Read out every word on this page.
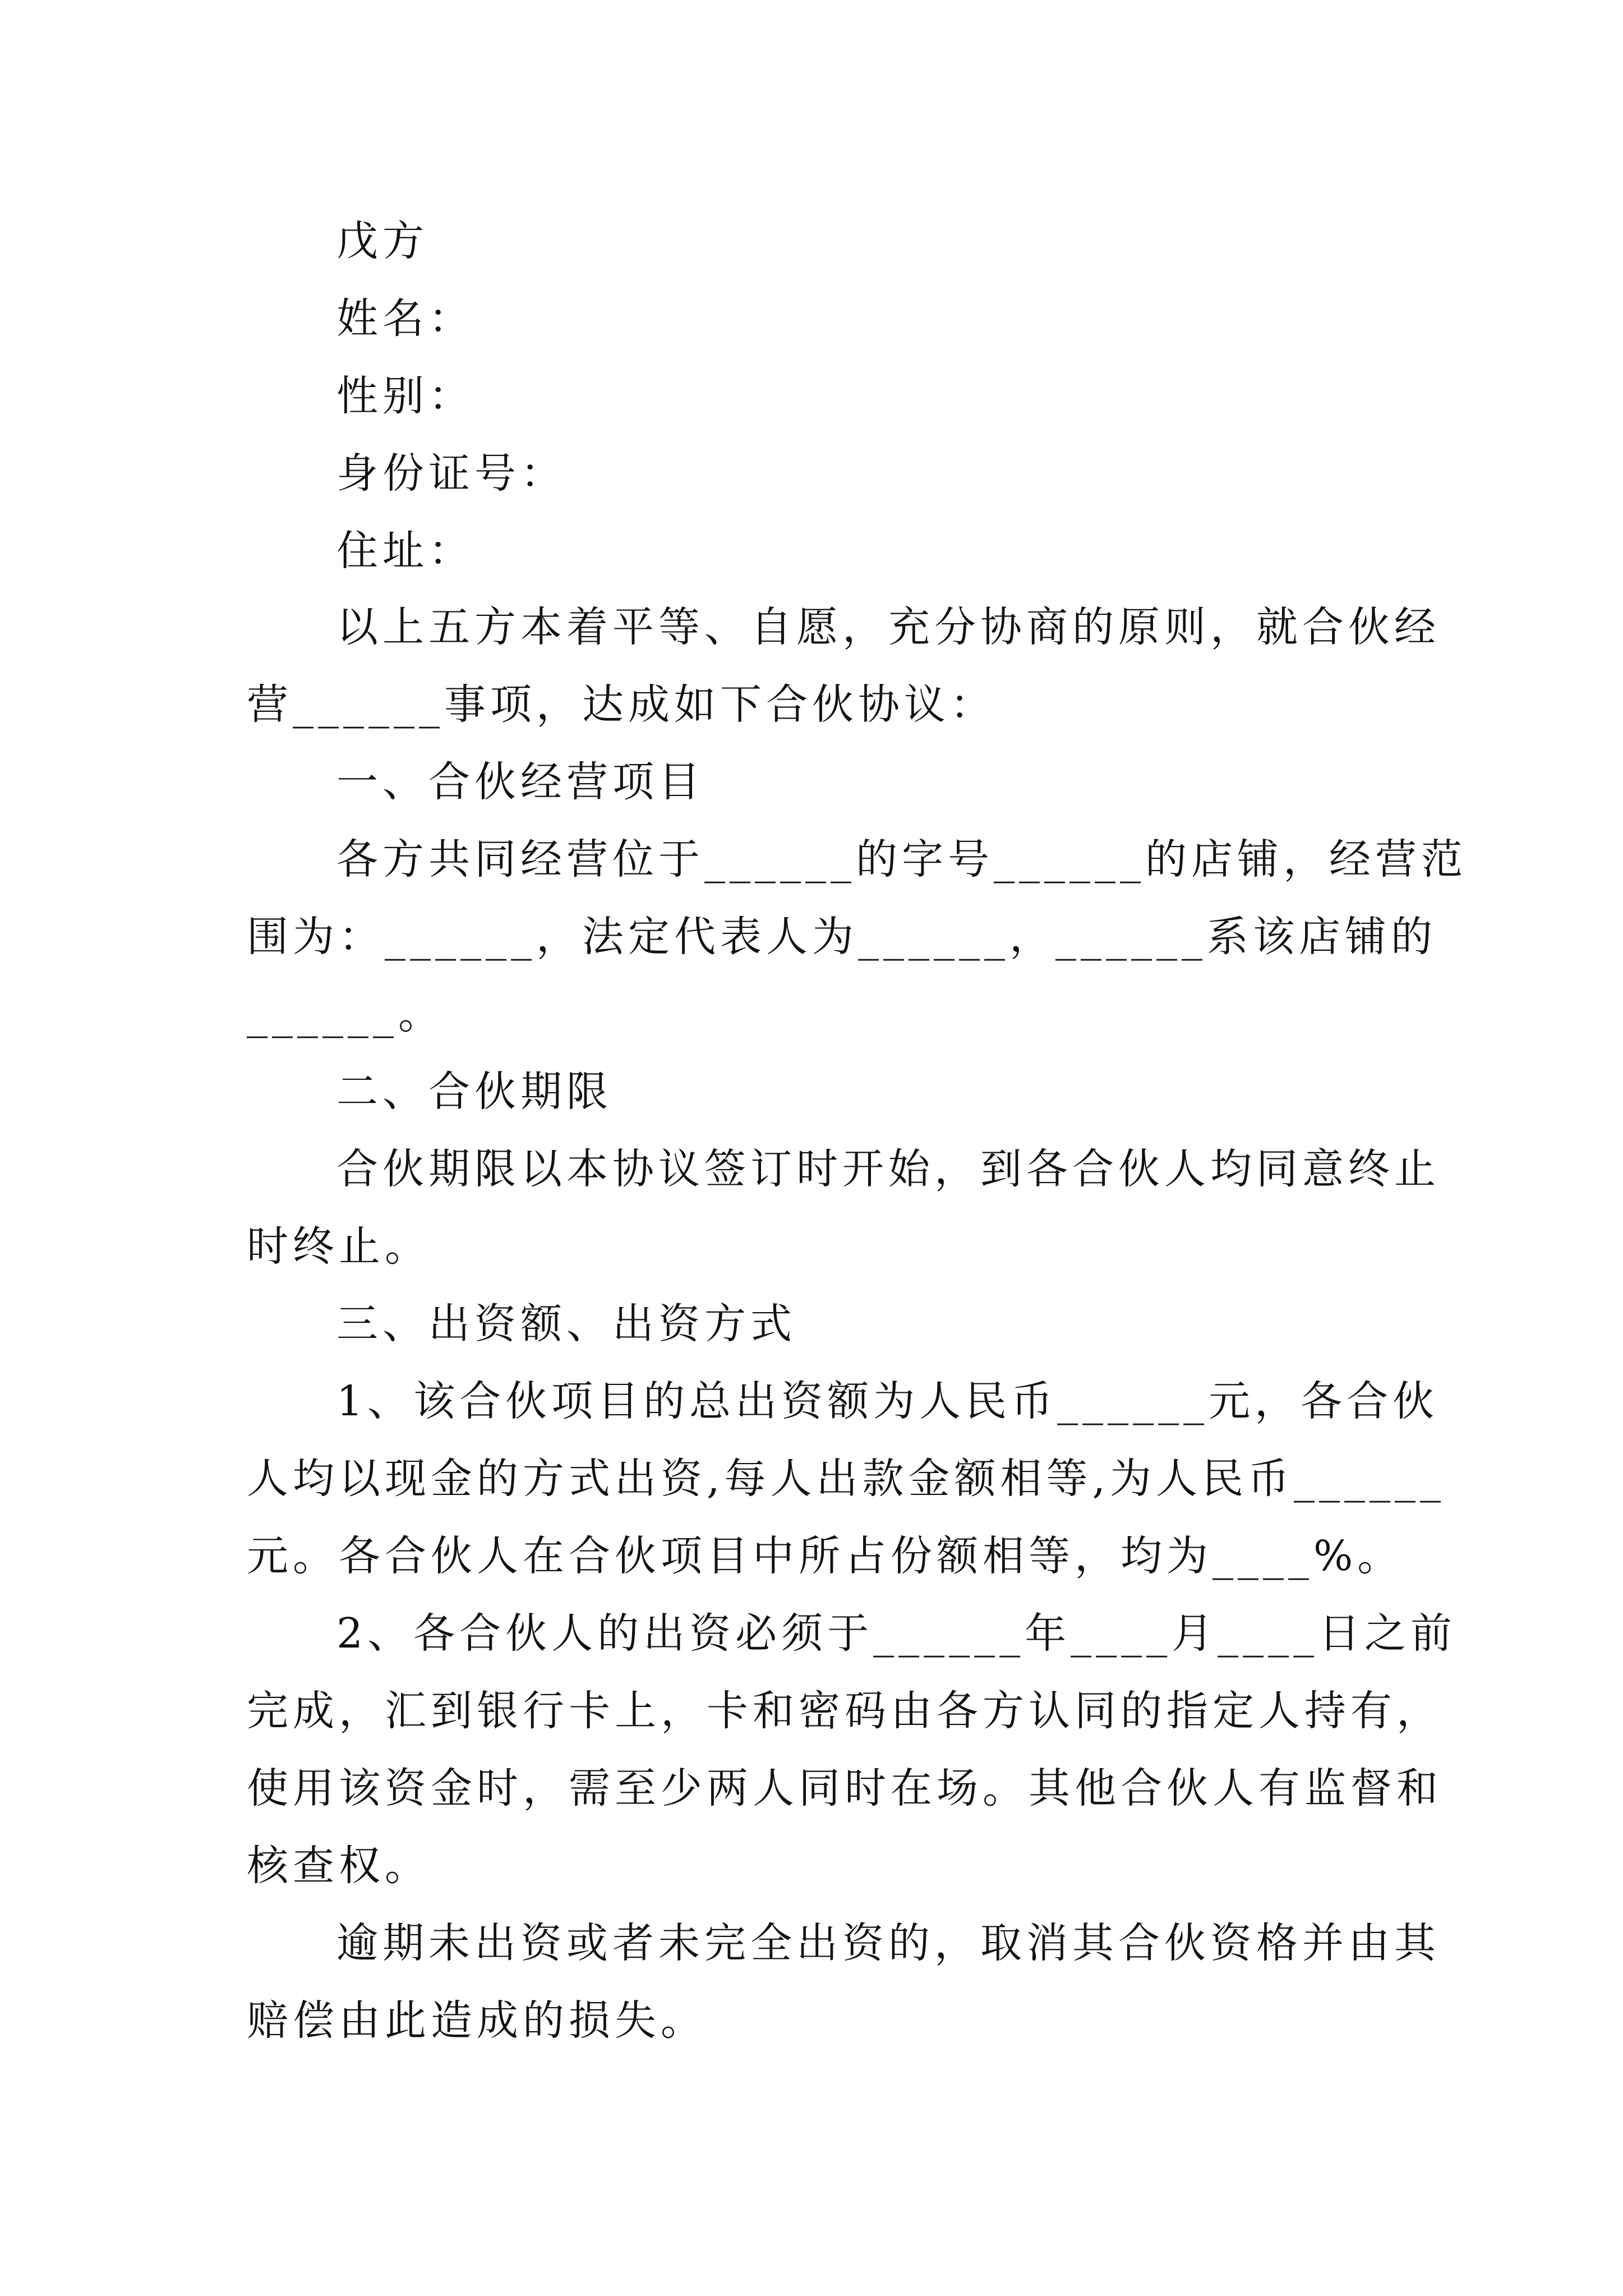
戊方
姓名：
性别：
身份证号：
住址：
以上五方本着平等、自愿，充分协商的原则，就合伙经
营______事项，达成如下合伙协议：
一、合伙经营项目
各方共同经营位于______的字号______的店铺，经营范
围为：______，法定代表人为______，______系该店铺的
______。
二、合伙期限
合伙期限以本协议签订时开始，到各合伙人均同意终止
时终止。
三、出资额、出资方式
1、该合伙项目的总出资额为人民币______元，各合伙
人均以现金的方式出资,每人出款金额相等,为人民币______
元。各合伙人在合伙项目中所占份额相等，均为____%。
2、各合伙人的出资必须于______年____月____日之前
完成，汇到银行卡上，卡和密码由各方认同的指定人持有，
使用该资金时，需至少两人同时在场。其他合伙人有监督和
核查权。
逾期未出资或者未完全出资的，取消其合伙资格并由其
赔偿由此造成的损失。
